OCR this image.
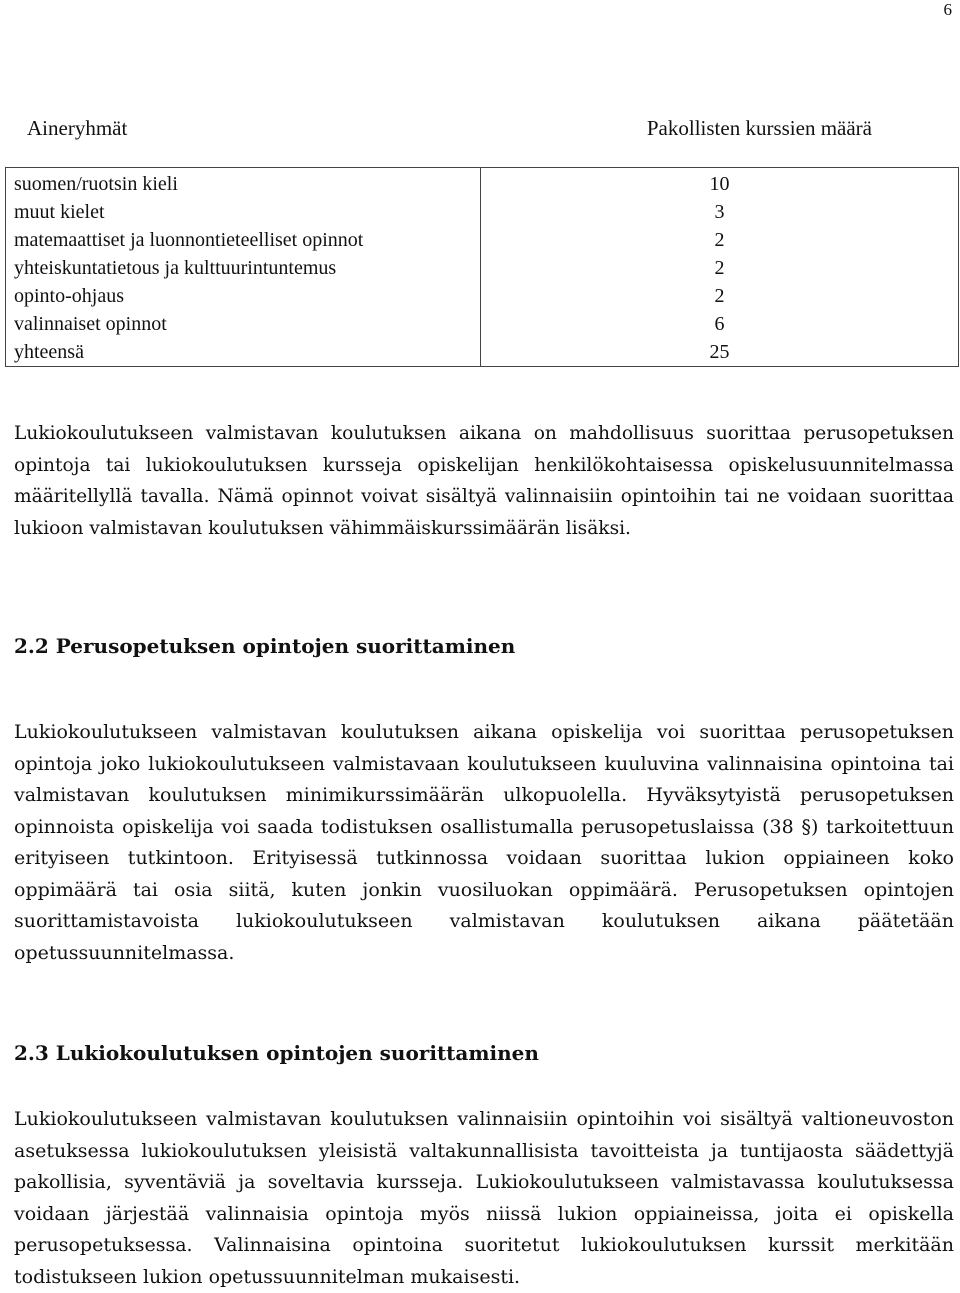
6
Aineryhmät	Pakollisten kurssien määrä
suomen/ruotsin kieli	10
muut kielet	3
matemaattiset ja luonnontieteelliset opinnot	2
yhteiskuntatietous ja kulttuurintuntemus	2
opinto-ohjaus	2
valinnaiset opinnot	6
yhteensä	25

Lukiokoulutukseen valmistavan koulutuksen aikana on mahdollisuus suorittaa perusopetuksen opintoja tai lukiokoulutuksen kursseja opiskelijan henkilökohtaisessa opiskelusuunnitelmassa määritellyllä tavalla. Nämä opinnot voivat sisältyä valinnaisiin opintoihin tai ne voidaan suorittaa lukioon valmistavan koulutuksen vähimmäiskurssimäärän lisäksi.

2.2 Perusopetuksen opintojen suorittaminen

Lukiokoulutukseen valmistavan koulutuksen aikana opiskelija voi suorittaa perusopetuksen opintoja joko lukiokoulutukseen valmistavaan koulutukseen kuuluvina valinnaisina opintoina tai valmistavan koulutuksen minimikurssimäärän ulkopuolella. Hyväksytyistä perusopetuksen opinnoista opiskelija voi saada todistuksen osallistumalla perusopetuslaissa (38 §) tarkoitettuun erityiseen tutkintoon. Erityisessä tutkinnossa voidaan suorittaa lukion oppiaineen koko oppimäärä tai osia siitä, kuten jonkin vuosiluokan oppimäärä. Perusopetuksen opintojen suorittamistavoista lukiokoulutukseen valmistavan koulutuksen aikana päätetään opetussuunnitelmassa.

2.3 Lukiokoulutuksen opintojen suorittaminen

Lukiokoulutukseen valmistavan koulutuksen valinnaisiin opintoihin voi sisältyä valtioneuvoston asetuksessa lukiokoulutuksen yleisistä valtakunnallisista tavoitteista ja tuntijaosta säädettyjä pakollisia, syventäviä ja soveltavia kursseja. Lukiokoulutukseen valmistavassa koulutuksessa voidaan järjestää valinnaisia opintoja myös niissä lukion oppiaineissa, joita ei opiskella perusopetuksessa. Valinnaisina opintoina suoritetut lukiokoulutuksen kurssit merkitään todistukseen lukion opetussuunnitelman mukaisesti.
